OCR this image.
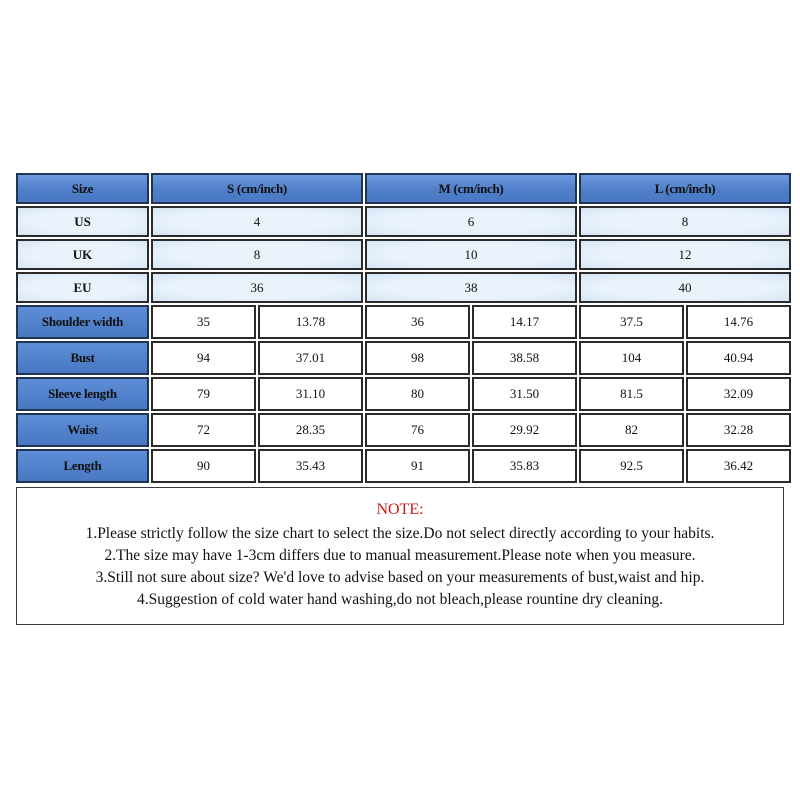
Size	S (cm/inch)		M (cm/inch)		L (cm/inch)	
US	4		6		8	
UK	8		10		12	
EU	36		38		40	
Shoulder width	35	13.78	36	14.17	37.5	14.76
Bust	94	37.01	98	38.58	104	40.94
Sleeve length	79	31.10	80	31.50	81.5	32.09
Waist	72	28.35	76	29.92	82	32.28
Length	90	35.43	91	35.83	92.5	36.42
NOTE:
1.Please strictly follow the size chart to select the size.Do not select directly according to your habits.
2.The size may have 1-3cm differs due to manual measurement.Please note when you measure.
3.Still not sure about size? We'd love to advise based on your measurements of bust,waist and hip.
4.Suggestion of cold water hand washing,do not bleach,please rountine dry cleaning.
